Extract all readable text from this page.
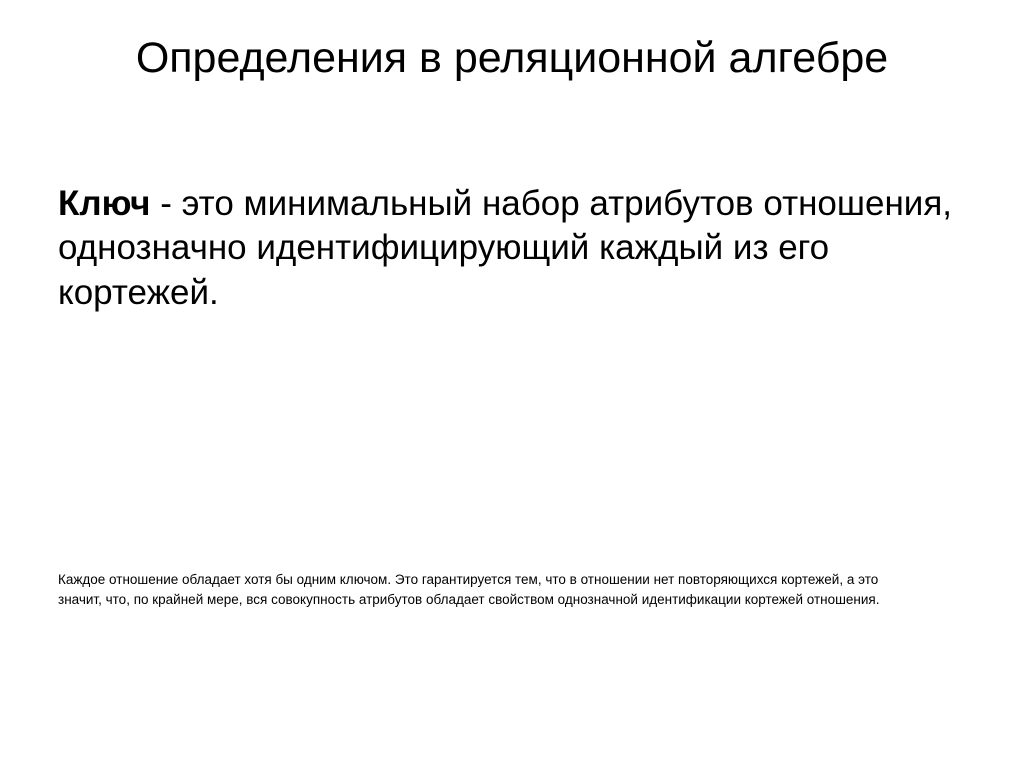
Определения в реляционной алгебре
Ключ - это минимальный набор атрибутов отношения, однозначно идентифицирующий каждый из его кортежей.
Каждое отношение обладает хотя бы одним ключом. Это гарантируется тем, что в отношении нет повторяющихся кортежей, а это значит, что, по крайней мере, вся совокупность атрибутов обладает свойством однозначной идентификации кортежей отношения.
